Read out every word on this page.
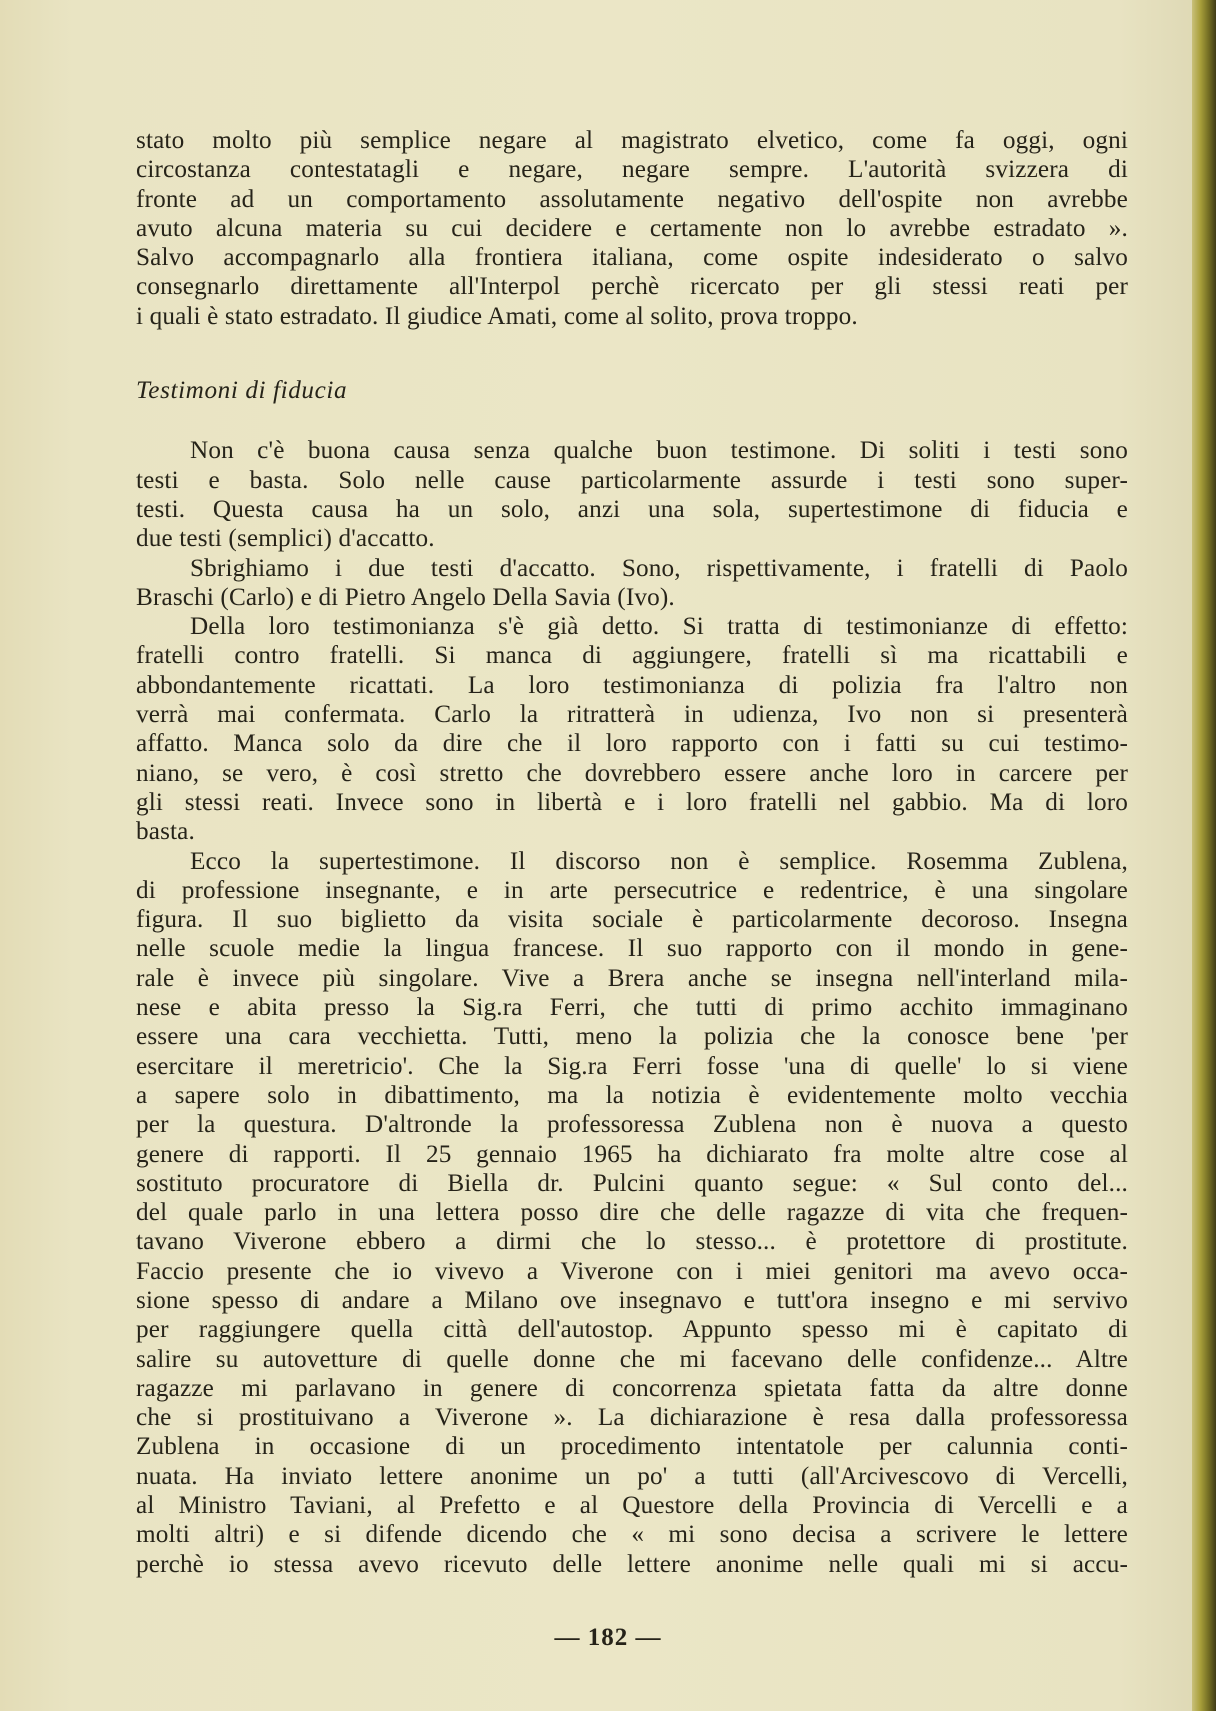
stato molto più semplice negare al magistrato elvetico, come fa oggi, ogni
circostanza contestatagli e negare, negare sempre. L'autorità svizzera di
fronte ad un comportamento assolutamente negativo dell'ospite non avrebbe
avuto alcuna materia su cui decidere e certamente non lo avrebbe estradato ».
Salvo accompagnarlo alla frontiera italiana, come ospite indesiderato o salvo
consegnarlo direttamente all'Interpol perchè ricercato per gli stessi reati per
i quali è stato estradato. Il giudice Amati, come al solito, prova troppo.
Testimoni di fiducia
Non c'è buona causa senza qualche buon testimone. Di soliti i testi sono
testi e basta. Solo nelle cause particolarmente assurde i testi sono super-
testi. Questa causa ha un solo, anzi una sola, supertestimone di fiducia e
due testi (semplici) d'accatto.
Sbrighiamo i due testi d'accatto. Sono, rispettivamente, i fratelli di Paolo
Braschi (Carlo) e di Pietro Angelo Della Savia (Ivo).
Della loro testimonianza s'è già detto. Si tratta di testimonianze di effetto:
fratelli contro fratelli. Si manca di aggiungere, fratelli sì ma ricattabili e
abbondantemente ricattati. La loro testimonianza di polizia fra l'altro non
verrà mai confermata. Carlo la ritratterà in udienza, Ivo non si presenterà
affatto. Manca solo da dire che il loro rapporto con i fatti su cui testimo-
niano, se vero, è così stretto che dovrebbero essere anche loro in carcere per
gli stessi reati. Invece sono in libertà e i loro fratelli nel gabbio. Ma di loro
basta.
Ecco la supertestimone. Il discorso non è semplice. Rosemma Zublena,
di professione insegnante, e in arte persecutrice e redentrice, è una singolare
figura. Il suo biglietto da visita sociale è particolarmente decoroso. Insegna
nelle scuole medie la lingua francese. Il suo rapporto con il mondo in gene-
rale è invece più singolare. Vive a Brera anche se insegna nell'interland mila-
nese e abita presso la Sig.ra Ferri, che tutti di primo acchito immaginano
essere una cara vecchietta. Tutti, meno la polizia che la conosce bene 'per
esercitare il meretricio'. Che la Sig.ra Ferri fosse 'una di quelle' lo si viene
a sapere solo in dibattimento, ma la notizia è evidentemente molto vecchia
per la questura. D'altronde la professoressa Zublena non è nuova a questo
genere di rapporti. Il 25 gennaio 1965 ha dichiarato fra molte altre cose al
sostituto procuratore di Biella dr. Pulcini quanto segue: « Sul conto del...
del quale parlo in una lettera posso dire che delle ragazze di vita che frequen-
tavano Viverone ebbero a dirmi che lo stesso... è protettore di prostitute.
Faccio presente che io vivevo a Viverone con i miei genitori ma avevo occa-
sione spesso di andare a Milano ove insegnavo e tutt'ora insegno e mi servivo
per raggiungere quella città dell'autostop. Appunto spesso mi è capitato di
salire su autovetture di quelle donne che mi facevano delle confidenze... Altre
ragazze mi parlavano in genere di concorrenza spietata fatta da altre donne
che si prostituivano a Viverone ». La dichiarazione è resa dalla professoressa
Zublena in occasione di un procedimento intentatole per calunnia conti-
nuata. Ha inviato lettere anonime un po' a tutti (all'Arcivescovo di Vercelli,
al Ministro Taviani, al Prefetto e al Questore della Provincia di Vercelli e a
molti altri) e si difende dicendo che « mi sono decisa a scrivere le lettere
perchè io stessa avevo ricevuto delle lettere anonime nelle quali mi si accu-
— 182 —
